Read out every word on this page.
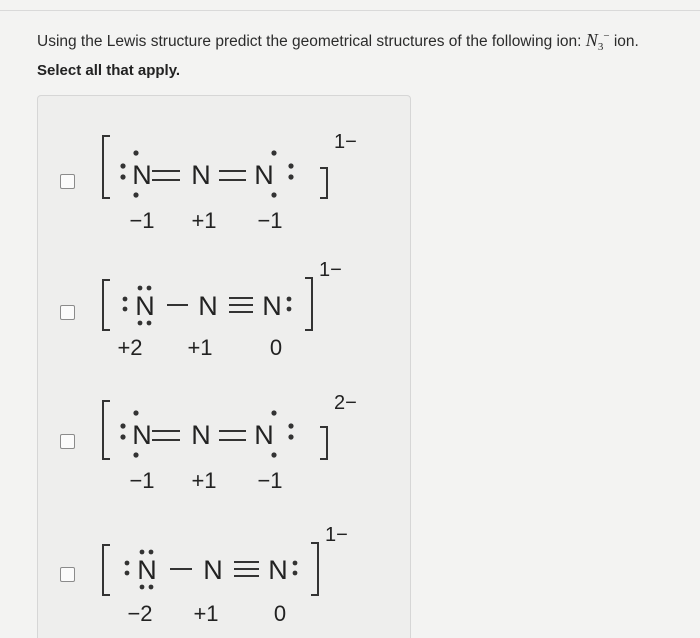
Using the Lewis structure predict the geometrical structures of the following ion: $N_3^-$ ion.
Select all that apply.
N N N
−1 +1 −1
1−
N N N
+2 +1	0
1−
N N N
−1 +1 −1
2−
N N N
−2 +1	0
1−
